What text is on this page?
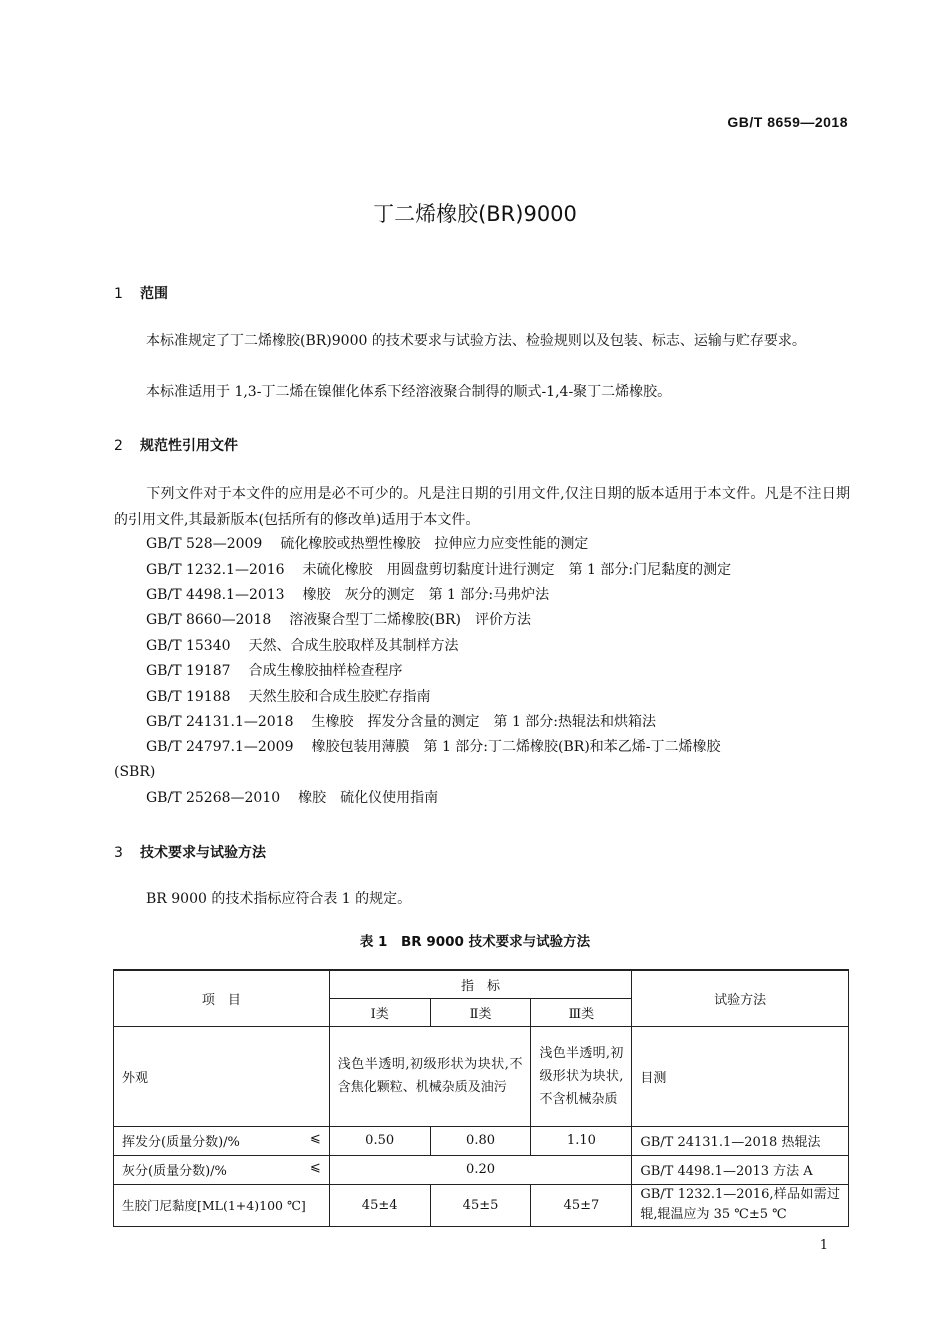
GB/T 8659—2018
丁二烯橡胶(BR)9000
1 范围
本标准规定了丁二烯橡胶(BR)9000 的技术要求与试验方法、检验规则以及包装、标志、运输与贮存要求。
本标准适用于 1,3-丁二烯在镍催化体系下经溶液聚合制得的顺式-1,4-聚丁二烯橡胶。
2 规范性引用文件
下列文件对于本文件的应用是必不可少的。凡是注日期的引用文件,仅注日期的版本适用于本文件。凡是不注日期的引用文件,其最新版本(包括所有的修改单)适用于本文件。
GB/T 528—2009 硫化橡胶或热塑性橡胶　拉伸应力应变性能的测定
GB/T 1232.1—2016 未硫化橡胶　用圆盘剪切黏度计进行测定　第 1 部分:门尼黏度的测定
GB/T 4498.1—2013 橡胶　灰分的测定　第 1 部分:马弗炉法
GB/T 8660—2018 溶液聚合型丁二烯橡胶(BR)　评价方法
GB/T 15340 天然、合成生胶取样及其制样方法
GB/T 19187 合成生橡胶抽样检查程序
GB/T 19188 天然生胶和合成生胶贮存指南
GB/T 24131.1—2018 生橡胶　挥发分含量的测定　第 1 部分:热辊法和烘箱法
GB/T 24797.1—2009 橡胶包装用薄膜　第 1 部分:丁二烯橡胶(BR)和苯乙烯-丁二烯橡胶
(SBR)
GB/T 25268—2010 橡胶　硫化仪使用指南
3 技术要求与试验方法
BR 9000 的技术指标应符合表 1 的规定。
表 1　BR 9000 技术要求与试验方法
项　目	指　标			试验方法
	Ⅰ类	Ⅱ类	Ⅲ类	
外观	浅色半透明,初级形状为块状,不含焦化颗粒、机械杂质及油污		浅色半透明,初级形状为块状,不含机械杂质	目测
挥发分(质量分数)/% ⩽	0.50	0.80	1.10	GB/T 24131.1—2018 热辊法
灰分(质量分数)/% ⩽	0.20			GB/T 4498.1—2013 方法 A
生胶门尼黏度[ML(1+4)100 ℃]	45±4	45±5	45±7	GB/T 1232.1—2016,样品如需过辊,辊温应为 35 ℃±5 ℃
1
